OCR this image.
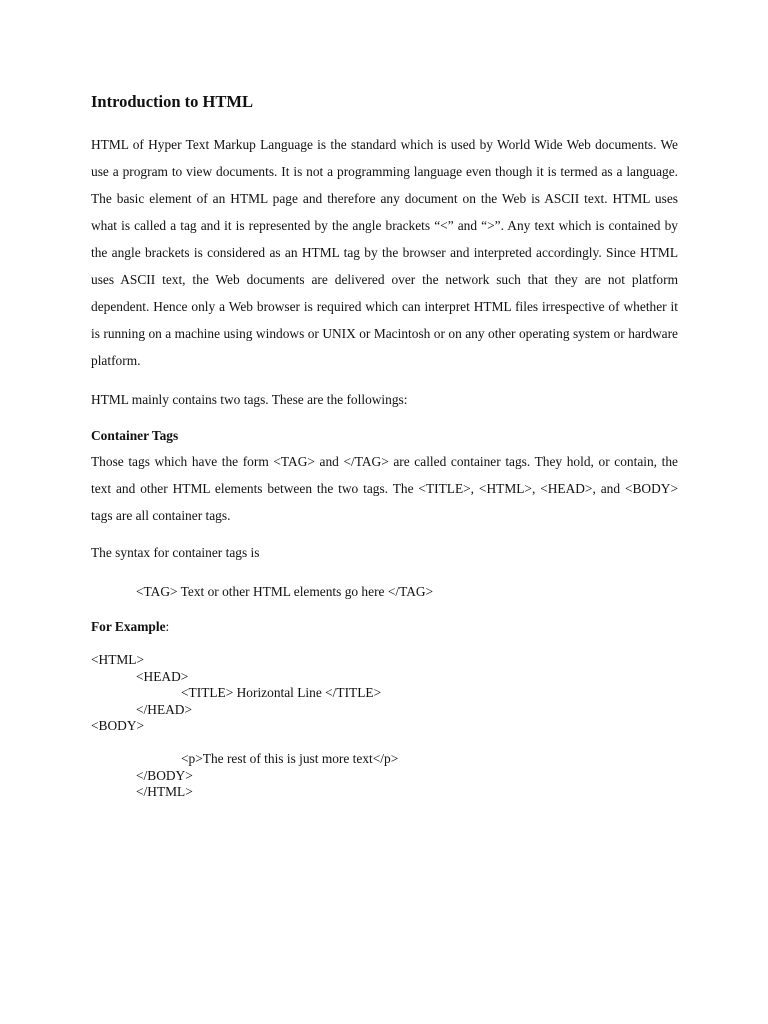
Introduction to HTML

HTML of Hyper Text Markup Language is the standard which is used by World Wide Web documents. We use a program to view documents. It is not a programming language even though it is termed as a language. The basic element of an HTML page and therefore any document on the Web is ASCII text. HTML uses what is called a tag and it is represented by the angle brackets “<” and “>”. Any text which is contained by the angle brackets is considered as an HTML tag by the browser and interpreted accordingly. Since HTML uses ASCII text, the Web documents are delivered over the network such that they are not platform dependent. Hence only a Web browser is required which can interpret HTML files irrespective of whether it is running on a machine using windows or UNIX or Macintosh or on any other operating system or hardware platform.

HTML mainly contains two tags. These are the followings:

Container Tags

Those tags which have the form <TAG> and </TAG> are called container tags. They hold, or contain, the text and other HTML elements between the two tags. The <TITLE>, <HTML>, <HEAD>, and <BODY> tags are all container tags.

The syntax for container tags is

<TAG> Text or other HTML elements go here </TAG>

For Example:

<HTML>
<HEAD>
<TITLE> Horizontal Line </TITLE>
</HEAD>
<BODY>
<p>The rest of this is just more text</p>
</BODY>
</HTML>
